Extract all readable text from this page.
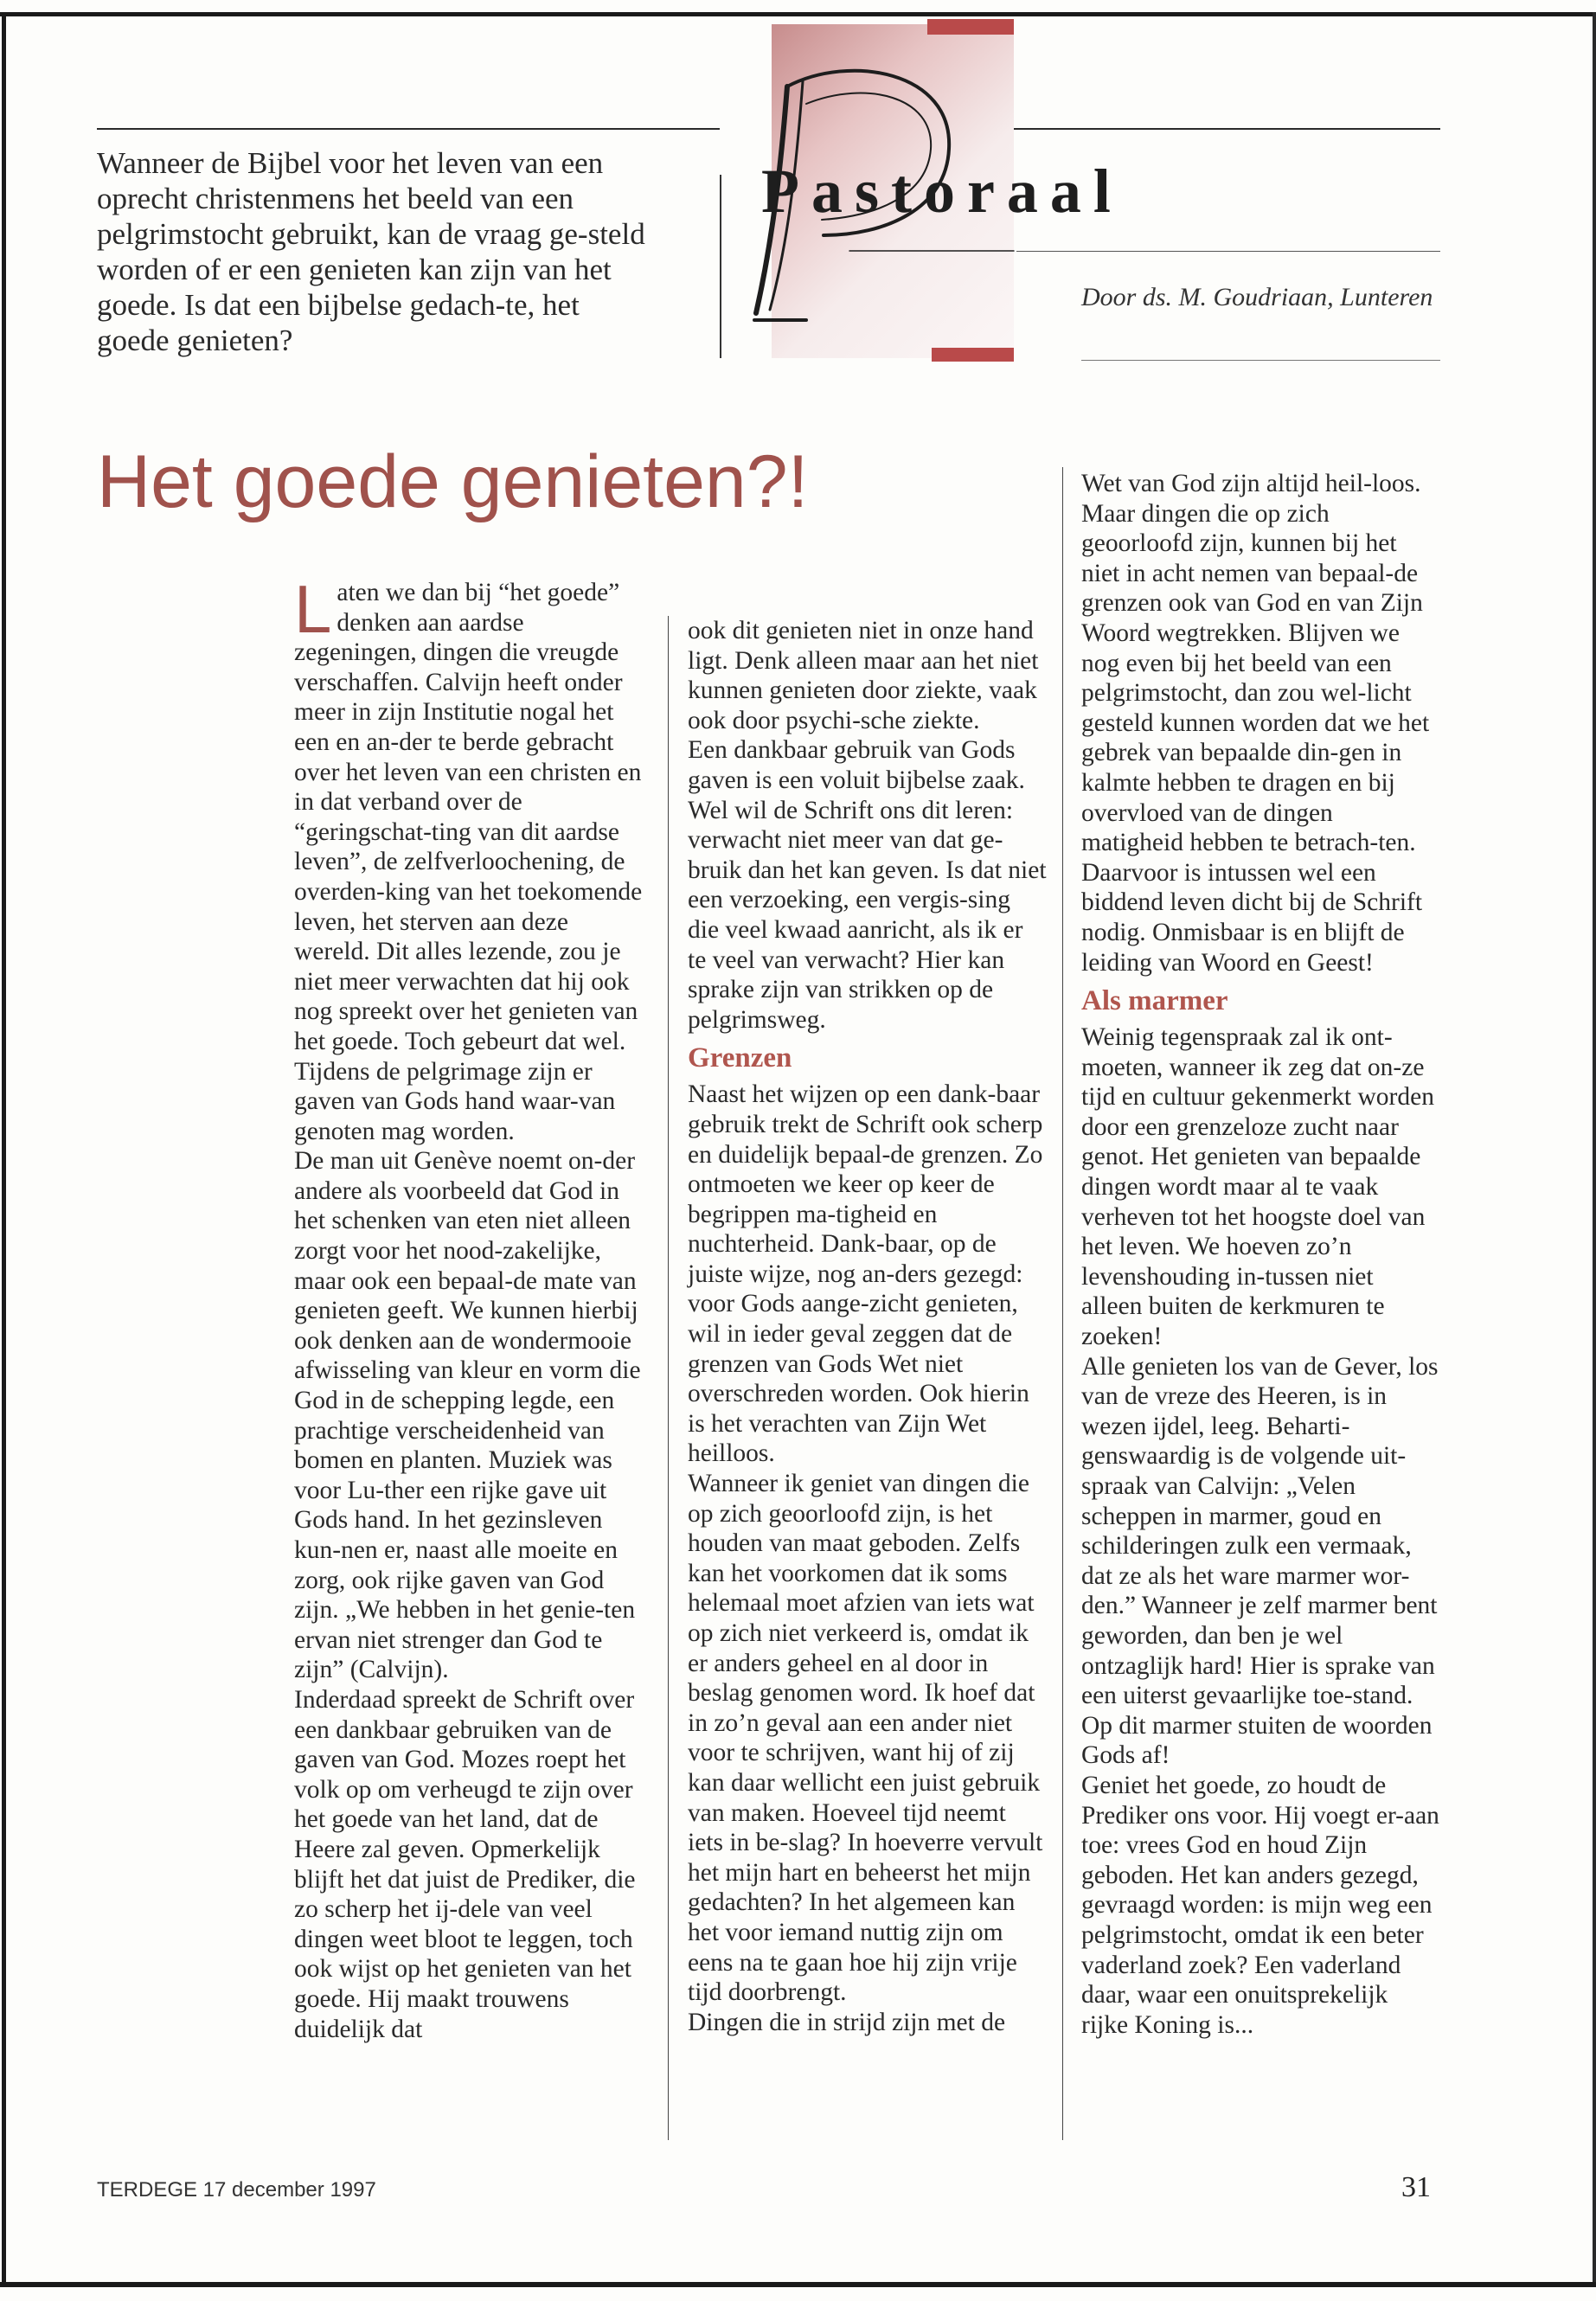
Wanneer de Bijbel voor het leven van een oprecht christenmens het beeld van een pelgrimstocht gebruikt, kan de vraag ge-steld worden of er een genieten kan zijn van het goede. Is dat een bijbelse gedach-te, het goede genieten?

Pastoraal
Door ds. M. Goudriaan, Lunteren
Het goede genieten?!

Laten we dan bij “het goede” denken aan aardse zegeningen, dingen die vreugde verschaffen. Calvijn heeft onder meer in zijn Institutie nogal het een en an-der te berde gebracht over het leven van een christen en in dat verband over de “geringschat-ting van dit aardse leven”, de zelfverloochening, de overden-king van het toekomende leven, het sterven aan deze wereld. Dit alles lezende, zou je niet meer verwachten dat hij ook nog spreekt over het genieten van het goede. Toch gebeurt dat wel. Tijdens de pelgrimage zijn er gaven van Gods hand waar-van genoten mag worden.

De man uit Genève noemt on-der andere als voorbeeld dat God in het schenken van eten niet alleen zorgt voor het nood-zakelijke, maar ook een bepaal-de mate van genieten geeft. We kunnen hierbij ook denken aan de wondermooie afwisseling van kleur en vorm die God in de schepping legde, een prachtige verscheidenheid van bomen en planten. Muziek was voor Lu-ther een rijke gave uit Gods hand. In het gezinsleven kun-nen er, naast alle moeite en zorg, ook rijke gaven van God zijn. „We hebben in het genie-ten ervan niet strenger dan God te zijn” (Calvijn).

Inderdaad spreekt de Schrift over een dankbaar gebruiken van de gaven van God. Mozes roept het volk op om verheugd te zijn over het goede van het land, dat de Heere zal geven. Opmerkelijk blijft het dat juist de Prediker, die zo scherp het ij-dele van veel dingen weet bloot te leggen, toch ook wijst op het genieten van het goede. Hij maakt trouwens duidelijk dat

ook dit genieten niet in onze hand ligt. Denk alleen maar aan het niet kunnen genieten door ziekte, vaak ook door psychi-sche ziekte.

Een dankbaar gebruik van Gods gaven is een voluit bijbelse zaak. Wel wil de Schrift ons dit leren: verwacht niet meer van dat ge-bruik dan het kan geven. Is dat niet een verzoeking, een vergis-sing die veel kwaad aanricht, als ik er te veel van verwacht? Hier kan sprake zijn van strikken op de pelgrimsweg.

Grenzen

Naast het wijzen op een dank-baar gebruik trekt de Schrift ook scherp en duidelijk bepaal-de grenzen. Zo ontmoeten we keer op keer de begrippen ma-tigheid en nuchterheid. Dank-baar, op de juiste wijze, nog an-ders gezegd: voor Gods aange-zicht genieten, wil in ieder geval zeggen dat de grenzen van Gods Wet niet overschreden worden. Ook hierin is het verachten van Zijn Wet heilloos.

Wanneer ik geniet van dingen die op zich geoorloofd zijn, is het houden van maat geboden. Zelfs kan het voorkomen dat ik soms helemaal moet afzien van iets wat op zich niet verkeerd is, omdat ik er anders geheel en al door in beslag genomen word. Ik hoef dat in zo’n geval aan een ander niet voor te schrijven, want hij of zij kan daar wellicht een juist gebruik van maken. Hoeveel tijd neemt iets in be-slag? In hoeverre vervult het mijn hart en beheerst het mijn gedachten? In het algemeen kan het voor iemand nuttig zijn om eens na te gaan hoe hij zijn vrije tijd doorbrengt.

Dingen die in strijd zijn met de

Wet van God zijn altijd heil-loos. Maar dingen die op zich geoorloofd zijn, kunnen bij het niet in acht nemen van bepaal-de grenzen ook van God en van Zijn Woord wegtrekken. Blijven we nog even bij het beeld van een pelgrimstocht, dan zou wel-licht gesteld kunnen worden dat we het gebrek van bepaalde din-gen in kalmte hebben te dragen en bij overvloed van de dingen matigheid hebben te betrach-ten. Daarvoor is intussen wel een biddend leven dicht bij de Schrift nodig. Onmisbaar is en blijft de leiding van Woord en Geest!

Als marmer

Weinig tegenspraak zal ik ont-moeten, wanneer ik zeg dat on-ze tijd en cultuur gekenmerkt worden door een grenzeloze zucht naar genot. Het genieten van bepaalde dingen wordt maar al te vaak verheven tot het hoogste doel van het leven. We hoeven zo’n levenshouding in-tussen niet alleen buiten de kerkmuren te zoeken!

Alle genieten los van de Gever, los van de vreze des Heeren, is in wezen ijdel, leeg. Beharti-genswaardig is de volgende uit-spraak van Calvijn: „Velen scheppen in marmer, goud en schilderingen zulk een vermaak, dat ze als het ware marmer wor-den.” Wanneer je zelf marmer bent geworden, dan ben je wel ontzaglijk hard! Hier is sprake van een uiterst gevaarlijke toe-stand. Op dit marmer stuiten de woorden Gods af!

Geniet het goede, zo houdt de Prediker ons voor. Hij voegt er-aan toe: vrees God en houd Zijn geboden. Het kan anders gezegd, gevraagd worden: is mijn weg een pelgrimstocht, omdat ik een beter vaderland zoek? Een vaderland daar, waar een onuitsprekelijk rijke Koning is...

TERDEGE 17 december 1997	31
